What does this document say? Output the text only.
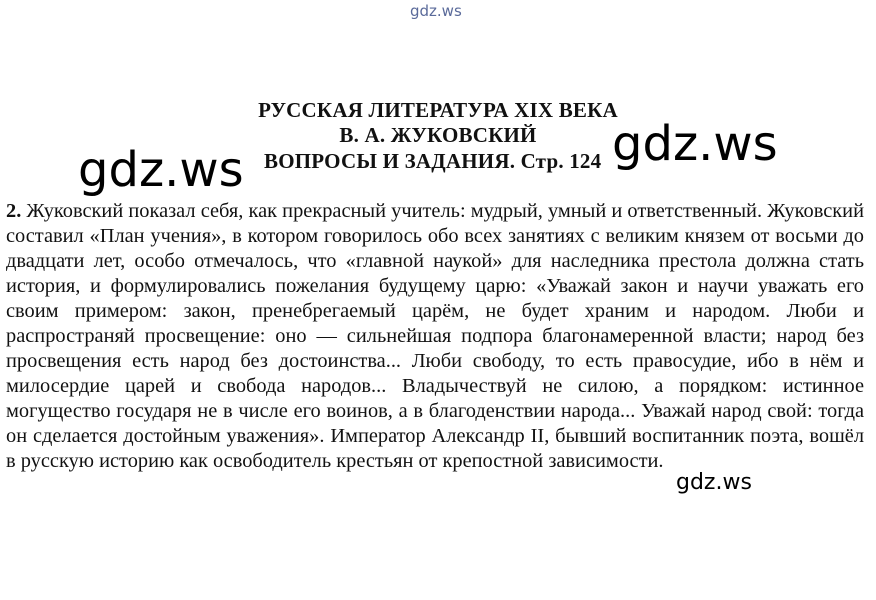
РУССКАЯ ЛИТЕРАТУРА XIX ВЕКА
В. А. ЖУКОВСКИЙ
ВОПРОСЫ И ЗАДАНИЯ. Стр. 124

2. Жуковский показал себя, как прекрасный учитель: мудрый, умный и ответственный. Жуковский составил «План учения», в котором говорилось обо всех занятиях с великим князем от восьми до двадцати лет, особо отмечалось, что «главной наукой» для наследника престола должна стать история, и формулировались пожелания будущему царю: «Уважай закон и научи уважать его своим примером: закон, пренебрегаемый царём, не будет храним и народом. Люби и распространяй просвещение: оно — сильнейшая подпора благонамеренной власти; народ без просвещения есть народ без достоинства... Люби свободу, то есть правосудие, ибо в нём и милосердие царей и свобода народов... Владычествуй не силою, а порядком: истинное могущество государя не в числе его воинов, а в благоденствии народа... Уважай народ свой: тогда он сделается достойным уважения». Император Александр II, бывший воспитанник поэта, вошёл в русскую историю как освободитель крестьян от крепостной зависимости.

gdz.ws
gdz.ws	gdz.ws
gdz.ws
